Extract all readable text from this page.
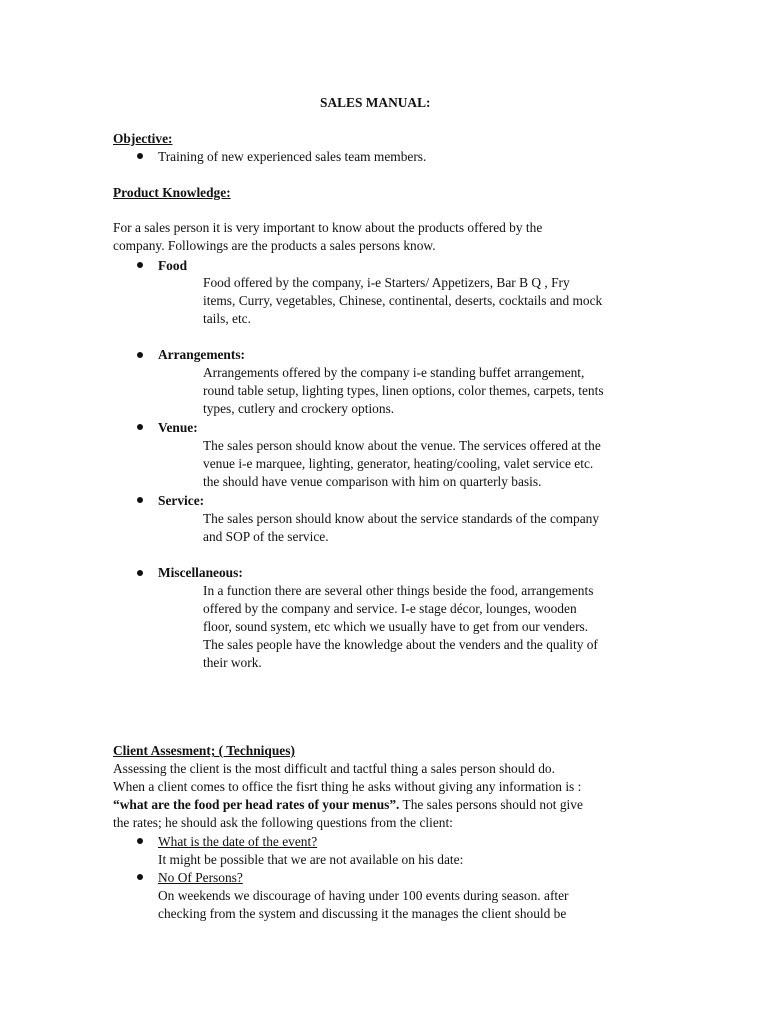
SALES MANUAL:
Objective:
Training of new experienced sales team members.
Product Knowledge:
For a sales person it is very important to know about the products offered by the
company. Followings are the products a sales persons know.
Food
Food offered by the company, i-e Starters/ Appetizers, Bar B Q , Fry
items, Curry, vegetables, Chinese, continental, deserts, cocktails and mock
tails, etc.
Arrangements:
Arrangements offered by the company i-e standing buffet arrangement,
round table setup, lighting types, linen options, color themes, carpets, tents
types, cutlery and crockery options.
Venue:
The sales person should know about the venue. The services offered at the
venue i-e marquee, lighting, generator, heating/cooling, valet service etc.
the should have venue comparison with him on quarterly basis.
Service:
The sales person should know about the service standards of the company
and SOP of the service.
Miscellaneous:
In a function there are several other things beside the food, arrangements
offered by the company and service. I-e stage décor, lounges, wooden
floor, sound system, etc which we usually have to get from our venders.
The sales people have the knowledge about the venders and the quality of
their work.
Client Assesment; ( Techniques)
Assessing the client is the most difficult and tactful thing a sales person should do.
When a client comes to office the fisrt thing he asks without giving any information is :
“what are the food per head rates of your menus”. The sales persons should not give
the rates; he should ask the following questions from the client:
What is the date of the event?
It might be possible that we are not available on his date:
No Of Persons?
On weekends we discourage of having under 100 events during season. after
checking from the system and discussing it the manages the client should be
